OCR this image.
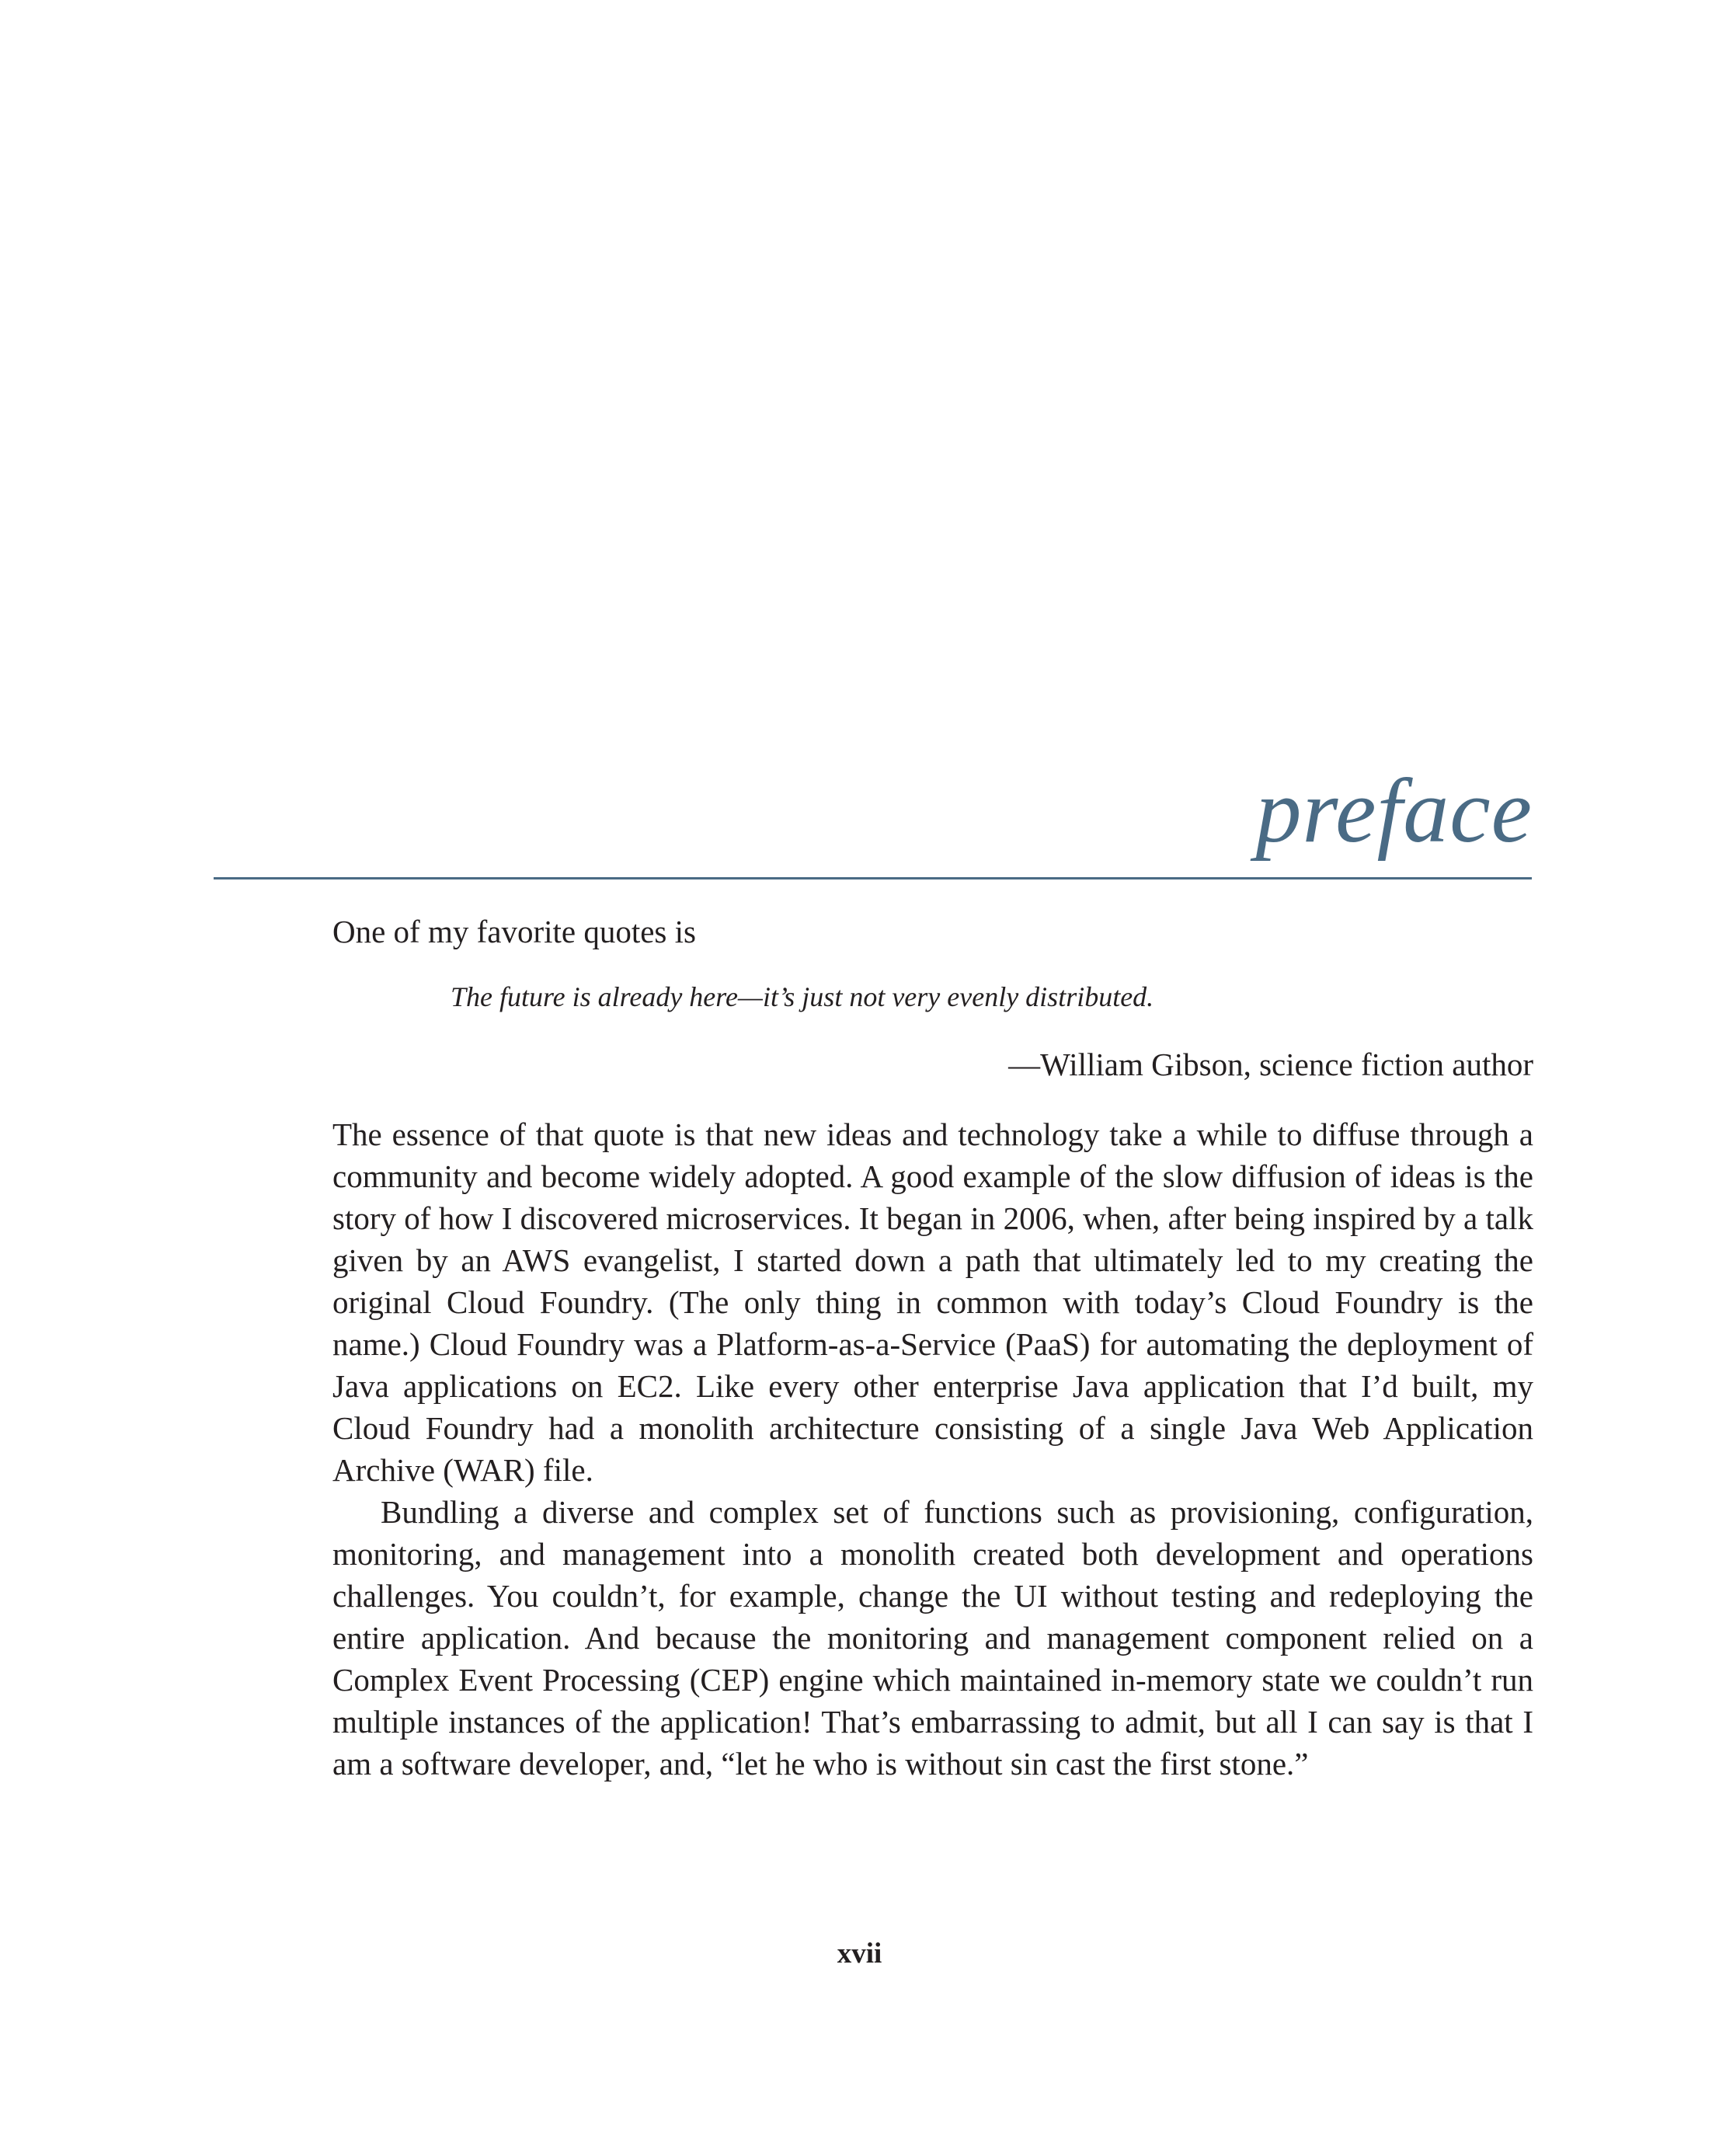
preface

One of my favorite quotes is

The future is already here—it’s just not very evenly distributed.

—William Gibson, science fiction author

The essence of that quote is that new ideas and technology take a while to diffuse through a community and become widely adopted. A good example of the slow diffusion of ideas is the story of how I discovered microservices. It began in 2006, when, after being inspired by a talk given by an AWS evangelist, I started down a path that ultimately led to my creating the original Cloud Foundry. (The only thing in common with today’s Cloud Foundry is the name.) Cloud Foundry was a Platform-as-a-Service (PaaS) for automating the deployment of Java applications on EC2. Like every other enterprise Java application that I’d built, my Cloud Foundry had a monolith architecture consisting of a single Java Web Application Archive (WAR) file.

Bundling a diverse and complex set of functions such as provisioning, configuration, monitoring, and management into a monolith created both development and operations challenges. You couldn’t, for example, change the UI without testing and redeploying the entire application. And because the monitoring and management component relied on a Complex Event Processing (CEP) engine which maintained in-memory state we couldn’t run multiple instances of the application! That’s embarrassing to admit, but all I can say is that I am a software developer, and, “let he who is without sin cast the first stone.”

xvii
